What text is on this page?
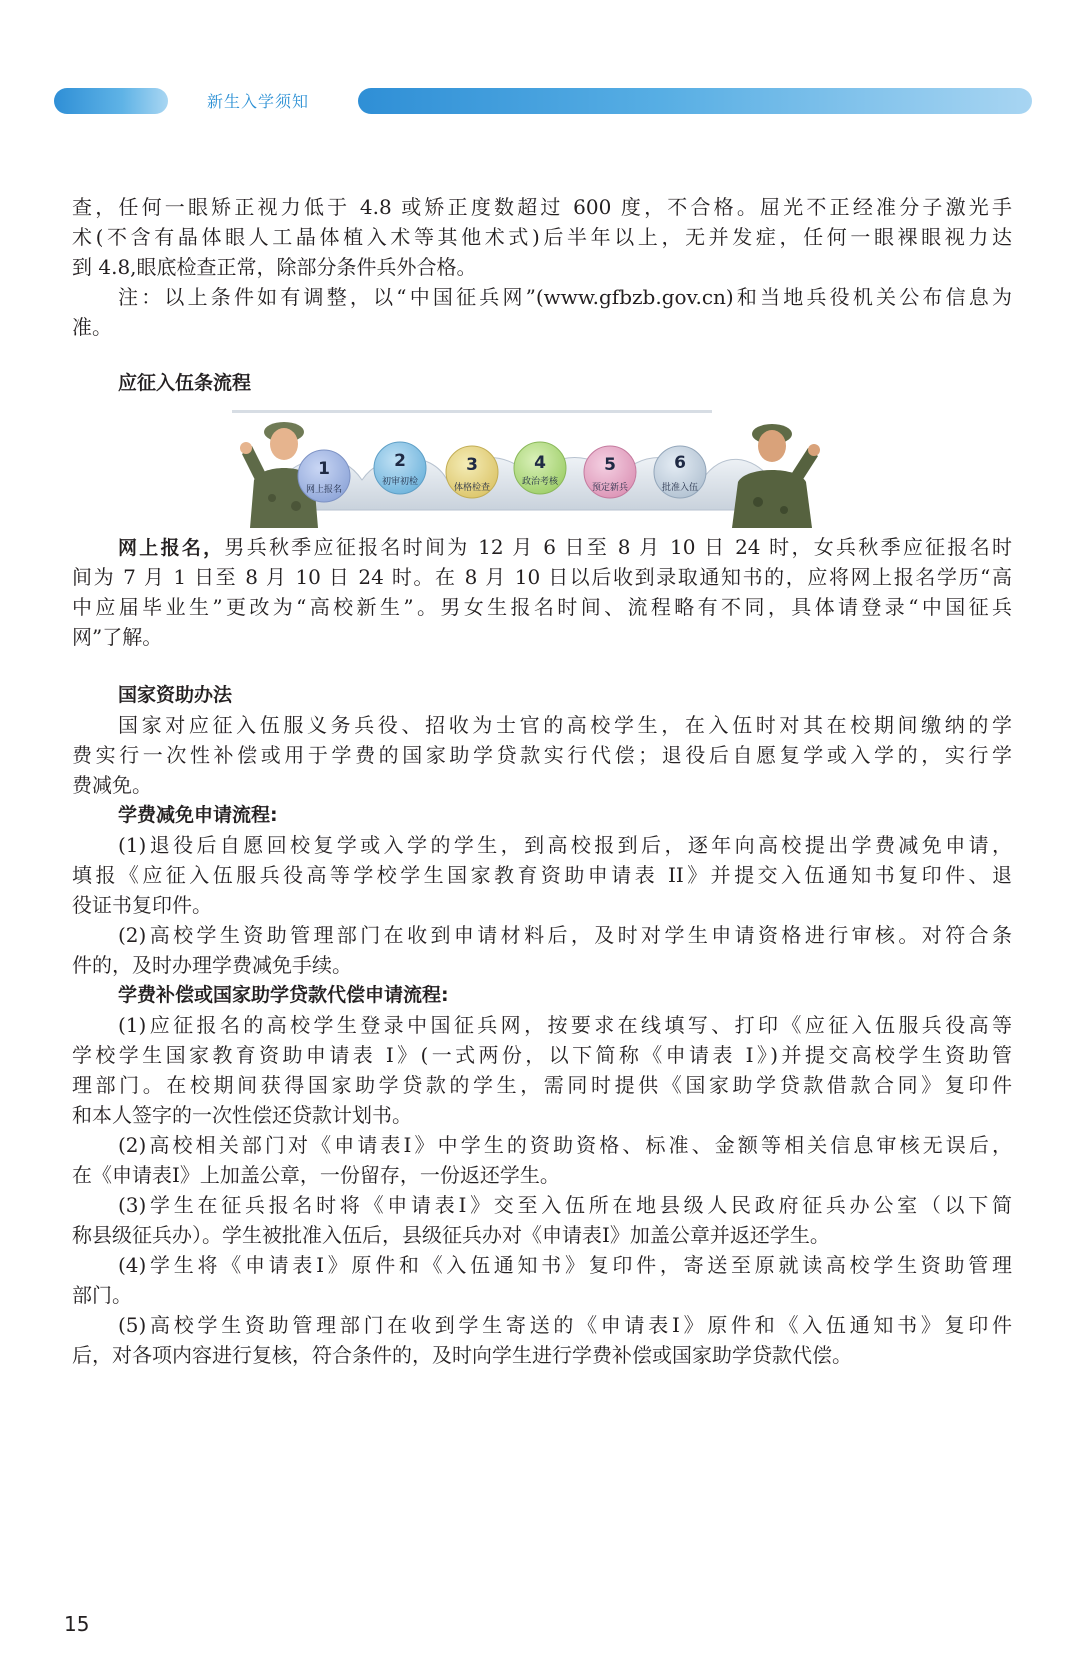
新生入学须知
查，任何一眼矫正视力低于 4.8 或矫正度数超过 600 度，不合格。屈光不正经准分子激光手
术(不含有晶体眼人工晶体植入术等其他术式)后半年以上，无并发症，任何一眼裸眼视力达
到 4.8,眼底检查正常，除部分条件兵外合格。
注：以上条件如有调整，以“中国征兵网”(www.gfbzb.gov.cn)和当地兵役机关公布信息为
准。
应征入伍条流程
1
网上报名
2
初审初检
3
体格检查
4
政治考核
5
预定新兵
6
批准入伍
网上报名，男兵秋季应征报名时间为 12 月 6 日至 8 月 10 日 24 时，女兵秋季应征报名时
间为 7 月 1 日至 8 月 10 日 24 时。在 8 月 10 日以后收到录取通知书的，应将网上报名学历“高
中应届毕业生”更改为“高校新生”。男女生报名时间、流程略有不同，具体请登录“中国征兵
网”了解。
国家资助办法
国家对应征入伍服义务兵役、招收为士官的高校学生，在入伍时对其在校期间缴纳的学
费实行一次性补偿或用于学费的国家助学贷款实行代偿；退役后自愿复学或入学的，实行学
费减免。
学费减免申请流程:
(1)退役后自愿回校复学或入学的学生，到高校报到后，逐年向高校提出学费减免申请，
填报《应征入伍服兵役高等学校学生国家教育资助申请表 II》并提交入伍通知书复印件、退
役证书复印件。
(2)高校学生资助管理部门在收到申请材料后，及时对学生申请资格进行审核。对符合条
件的，及时办理学费减免手续。
学费补偿或国家助学贷款代偿申请流程:
(1)应征报名的高校学生登录中国征兵网，按要求在线填写、打印《应征入伍服兵役高等
学校学生国家教育资助申请表 I》(一式两份，以下简称《申请表 I》)并提交高校学生资助管
理部门。在校期间获得国家助学贷款的学生，需同时提供《国家助学贷款借款合同》复印件
和本人签字的一次性偿还贷款计划书。
(2)高校相关部门对《申请表Ⅰ》中学生的资助资格、标准、金额等相关信息审核无误后，
在《申请表Ⅰ》上加盖公章，一份留存，一份返还学生。
(3)学生在征兵报名时将《申请表Ⅰ》交至入伍所在地县级人民政府征兵办公室（以下简
称县级征兵办）。学生被批准入伍后，县级征兵办对《申请表Ⅰ》加盖公章并返还学生。
(4)学生将《申请表Ⅰ》原件和《入伍通知书》复印件，寄送至原就读高校学生资助管理
部门。
(5)高校学生资助管理部门在收到学生寄送的《申请表Ⅰ》原件和《入伍通知书》复印件
后，对各项内容进行复核，符合条件的，及时向学生进行学费补偿或国家助学贷款代偿。
15
